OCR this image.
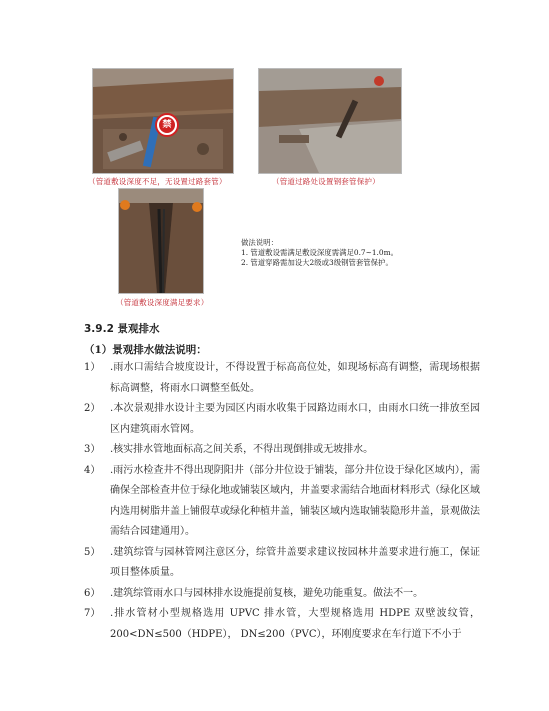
禁
（管道敷设深度不足，无设置过路套管）	（管道过路处设置钢套管保护）
（管道敷设深度满足要求）
做法说明：
1. 管道敷设需满足敷设深度需满足0.7~1.0m。
2. 管道穿路需加设大2级或3级钢管套管保护。
3.9.2 景观排水
（1）景观排水做法说明：
1） .雨水口需结合坡度设计，不得设置于标高高位处，如现场标高有调整，需现场根据标高调整，将雨水口调整至低处。
2） .本次景观排水设计主要为园区内雨水收集于园路边雨水口，由雨水口统一排放至园区内建筑雨水管网。
3） .核实排水管地面标高之间关系，不得出现倒排或无坡排水。
4） .雨污水检查井不得出现阴阳井（部分井位设于铺装，部分井位设于绿化区域内），需确保全部检查井位于绿化地或铺装区域内，井盖要求需结合地面材料形式（绿化区域内选用树脂井盖上铺假草或绿化种植井盖，铺装区域内选取铺装隐形井盖，景观做法需结合园建通用）。
5） .建筑综管与园林管网注意区分，综管井盖要求建议按园林井盖要求进行施工，保证项目整体质量。
6） .建筑综管雨水口与园林排水设施提前复核，避免功能重复。做法不一。
7） .排水管材小型规格选用 UPVC 排水管，大型规格选用 HDPE 双壁波纹管，200<DN≤500（HDPE）， DN≤200（PVC），环刚度要求在车行道下不小于
